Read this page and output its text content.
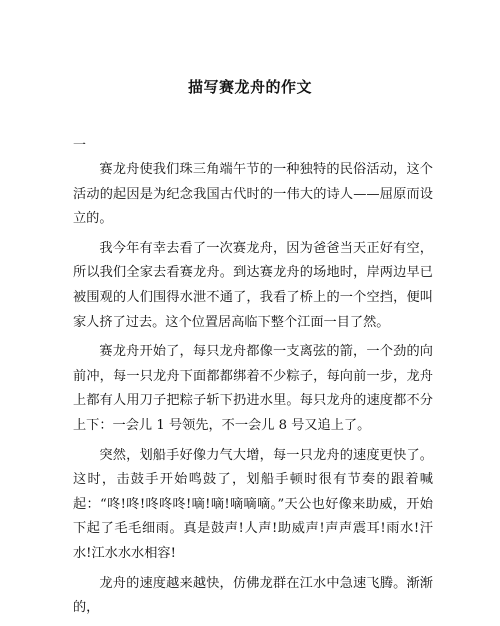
描写赛龙舟的作文
一

赛龙舟使我们珠三角端午节的一种独特的民俗活动，这个活动的起因是为纪念我国古代时的一伟大的诗人——屈原而设立的。

我今年有幸去看了一次赛龙舟，因为爸爸当天正好有空，所以我们全家去看赛龙舟。到达赛龙舟的场地时，岸两边早已被围观的人们围得水泄不通了，我看了桥上的一个空挡，便叫家人挤了过去。这个位置居高临下整个江面一目了然。

赛龙舟开始了，每只龙舟都像一支离弦的箭，一个劲的向前冲，每一只龙舟下面都都绑着不少粽子，每向前一步，龙舟上都有人用刀子把粽子斩下扔进水里。每只龙舟的速度都不分上下：一会儿 1 号领先，不一会儿 8 号又追上了。

突然，划船手好像力气大增，每一只龙舟的速度更快了。这时，击鼓手开始鸣鼓了，划船手顿时很有节奏的跟着喊起：“咚!咚!咚咚咚!嘀!嘀!嘀嘀嘀。”天公也好像来助威，开始下起了毛毛细雨。真是鼓声!人声!助威声!声声震耳!雨水!汗水!江水水水相容!

龙舟的速度越来越快，仿佛龙群在江水中急速飞腾。渐渐的，
